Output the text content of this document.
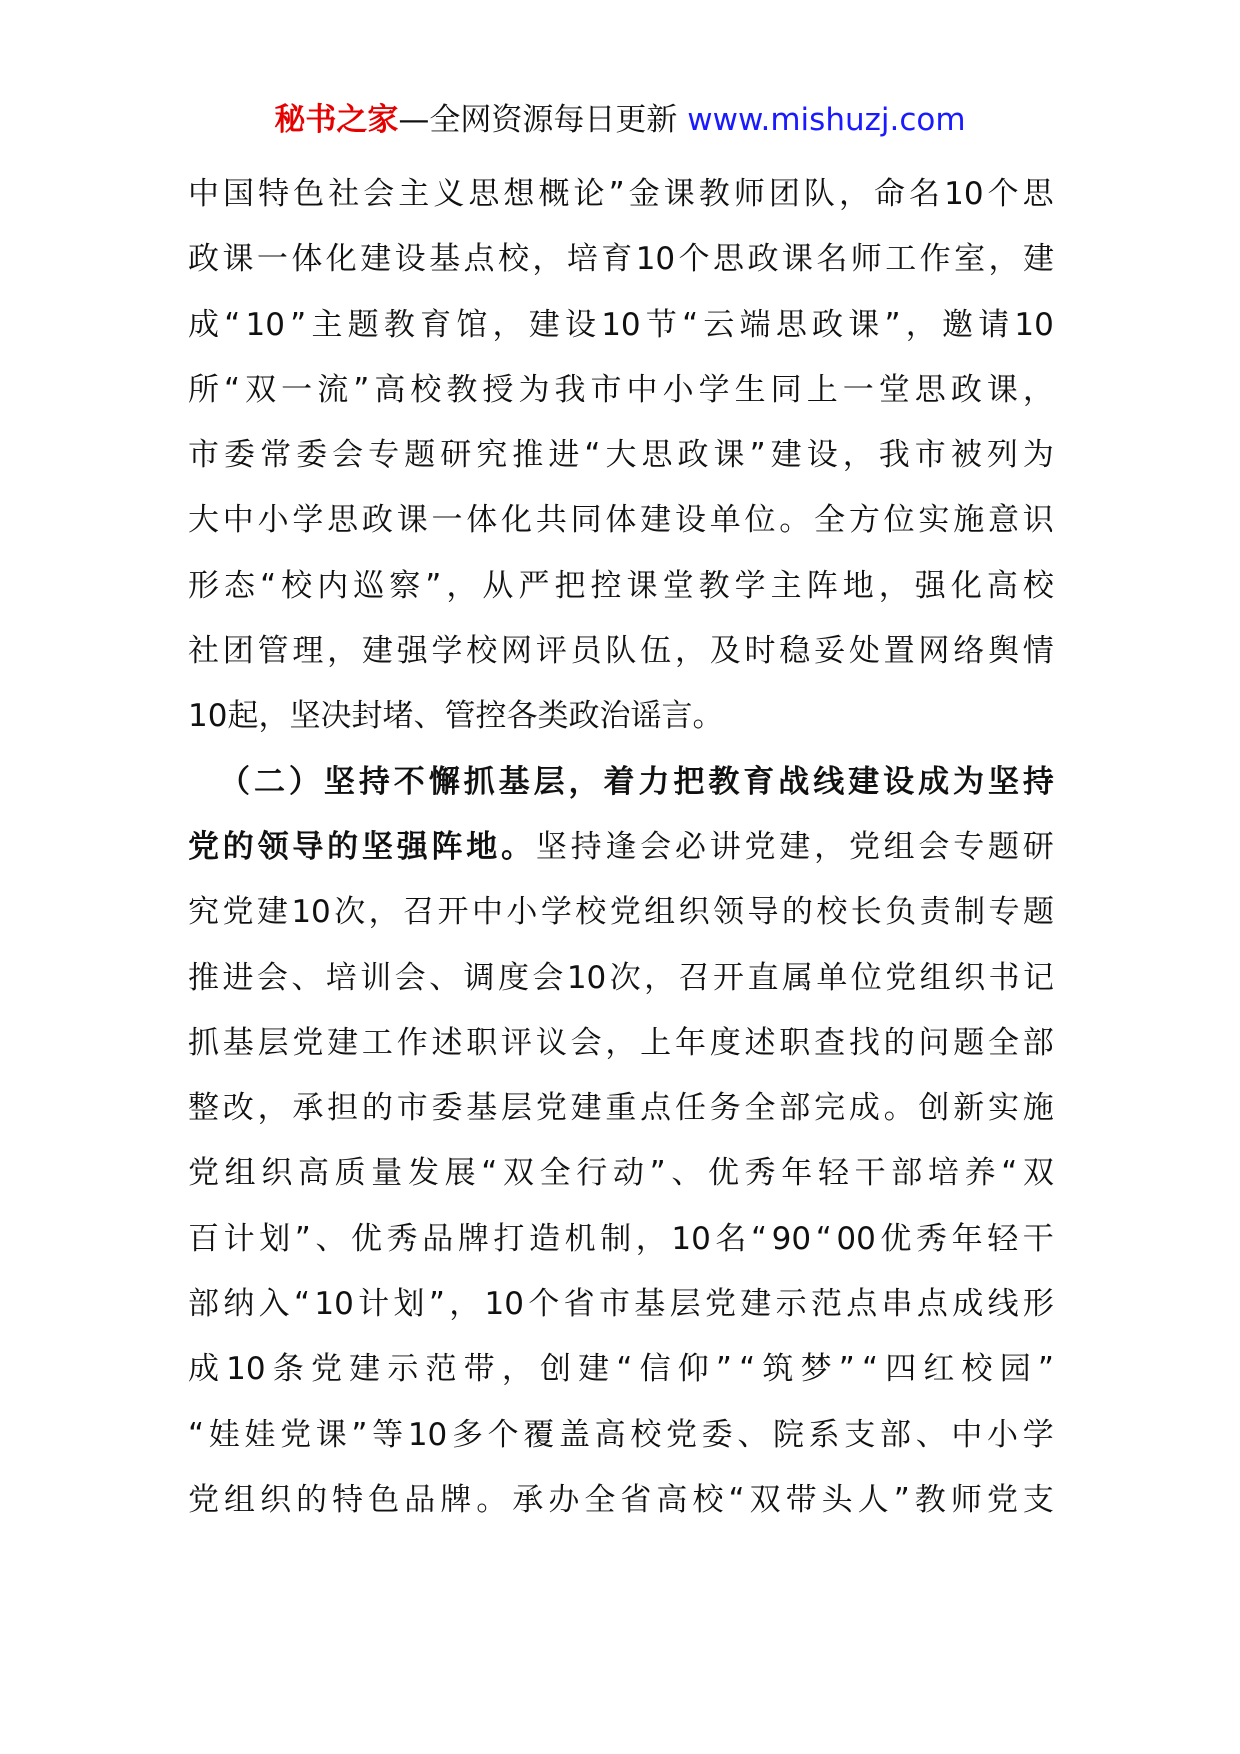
秘书之家—全网资源每日更新 www.mishuzj.com
中 国 特 色 社 会 主 义 思 想 概 论 ” 金 课 教 师 团 队 ， 命 名 10 个 思
政 课 一 体 化 建 设 基 点 校 ， 培 育 10 个 思 政 课 名 师 工 作 室 ， 建
成 “ 10 ” 主 题 教 育 馆 ， 建 设 10 节 “ 云 端 思 政 课 ” ， 邀 请 10
所 “ 双 一 流 ” 高 校 教 授 为 我 市 中 小 学 生 同 上 一 堂 思 政 课 ，
市 委 常 委 会 专 题 研 究 推 进 “ 大 思 政 课 ” 建 设 ， 我 市 被 列 为
大 中 小 学 思 政 课 一 体 化 共 同 体 建 设 单 位 。 全 方 位 实 施 意 识
形 态 “ 校 内 巡 察 ” ， 从 严 把 控 课 堂 教 学 主 阵 地 ， 强 化 高 校
社 团 管 理 ， 建 强 学 校 网 评 员 队 伍 ， 及 时 稳 妥 处 置 网 络 舆 情
10起，坚决封堵、管控各类政治谣言。
（ 二 ） 坚 持 不 懈 抓 基 层 ， 着 力 把 教 育 战 线 建 设 成 为 坚 持
党 的 领 导 的 坚 强 阵 地 。 坚 持 逢 会 必 讲 党 建 ， 党 组 会 专 题 研
究 党 建 10 次 ， 召 开 中 小 学 校 党 组 织 领 导 的 校 长 负 责 制 专 题
推 进 会 、 培 训 会 、 调 度 会 10 次 ， 召 开 直 属 单 位 党 组 织 书 记
抓 基 层 党 建 工 作 述 职 评 议 会 ， 上 年 度 述 职 查 找 的 问 题 全 部
整 改 ， 承 担 的 市 委 基 层 党 建 重 点 任 务 全 部 完 成 。 创 新 实 施
党 组 织 高 质 量 发 展 “ 双 全 行 动 ” 、 优 秀 年 轻 干 部 培 养 “ 双
百 计 划 ” 、 优 秀 品 牌 打 造 机 制 ， 10 名 “ 90 “ 00 优 秀 年 轻 干
部 纳 入 “ 10 计 划 ” ， 10 个 省 市 基 层 党 建 示 范 点 串 点 成 线 形
成 10 条 党 建 示 范 带 ， 创 建 “ 信 仰 ” “ 筑 梦 ” “ 四 红 校 园 ”
“ 娃 娃 党 课 ” 等 10 多 个 覆 盖 高 校 党 委 、 院 系 支 部 、 中 小 学
党 组 织 的 特 色 品 牌 。 承 办 全 省 高 校 “ 双 带 头 人 ” 教 师 党 支
